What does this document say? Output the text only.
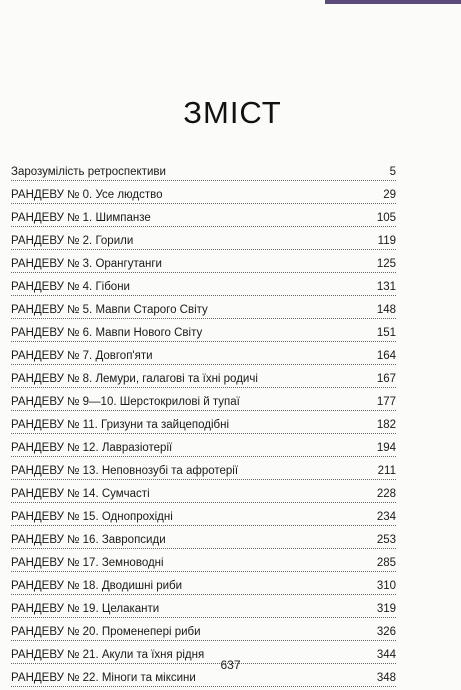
ЗМІСТ
Зарозумілість ретроспективи	5
РАНДЕВУ № 0. Усе людство	29
РАНДЕВУ № 1. Шимпанзе	105
РАНДЕВУ № 2. Горили	119
РАНДЕВУ № 3. Орангутанги	125
РАНДЕВУ № 4. Гібони	131
РАНДЕВУ № 5. Мавпи Старого Світу	148
РАНДЕВУ № 6. Мавпи Нового Світу	151
РАНДЕВУ № 7. Довгоп'яти	164
РАНДЕВУ № 8. Лемури, галагові та їхні родичі	167
РАНДЕВУ № 9—10. Шерстокрилові й тупаї	177
РАНДЕВУ № 11. Гризуни та зайцеподібні	182
РАНДЕВУ № 12. Лавразіотерії	194
РАНДЕВУ № 13. Неповнозубі та афротерії	211
РАНДЕВУ № 14. Сумчасті	228
РАНДЕВУ № 15. Однопрохідні	234
РАНДЕВУ № 16. Завропсиди	253
РАНДЕВУ № 17. Земноводні	285
РАНДЕВУ № 18. Дводишні риби	310
РАНДЕВУ № 19. Целаканти	319
РАНДЕВУ № 20. Променепері риби	326
РАНДЕВУ № 21. Акули та їхня рідня	344
РАНДЕВУ № 22. Міноги та міксини	348
637
